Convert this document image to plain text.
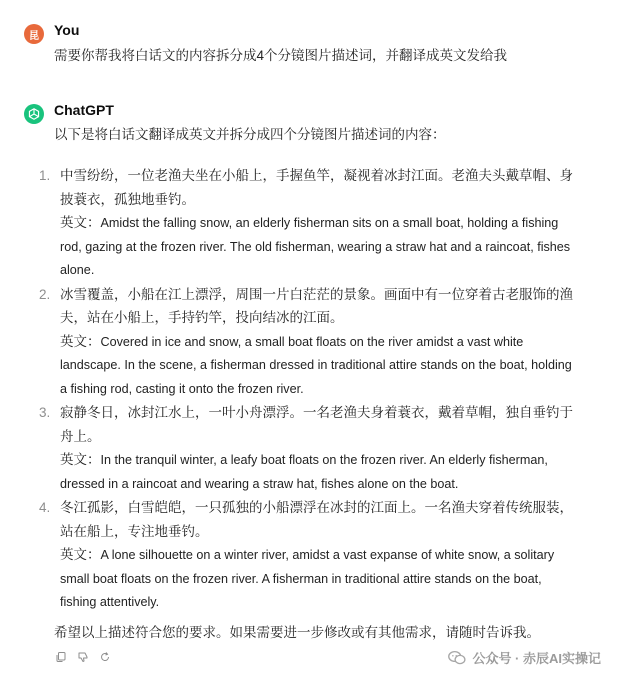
昆 You
需要你帮我将白话文的内容拆分成4个分镜图片描述词，并翻译成英文发给我
ChatGPT
以下是将白话文翻译成英文并拆分成四个分镜图片描述词的内容：
1. 中雪纷纷，一位老渔夫坐在小船上，手握鱼竿，凝视着冰封江面。老渔夫头戴草帽、身披蓑衣，孤独地垂钓。
英文：Amidst the falling snow, an elderly fisherman sits on a small boat, holding a fishing rod, gazing at the frozen river. The old fisherman, wearing a straw hat and a raincoat, fishes alone.
2. 冰雪覆盖，小船在江上漂浮，周围一片白茫茫的景象。画面中有一位穿着古老服饰的渔夫，站在小船上，手持钓竿，投向结冰的江面。
英文：Covered in ice and snow, a small boat floats on the river amidst a vast white landscape. In the scene, a fisherman dressed in traditional attire stands on the boat, holding a fishing rod, casting it onto the frozen river.
3. 寂静冬日，冰封江水上，一叶小舟漂浮。一名老渔夫身着蓑衣，戴着草帽，独自垂钓于舟上。
英文：In the tranquil winter, a leafy boat floats on the frozen river. An elderly fisherman, dressed in a raincoat and wearing a straw hat, fishes alone on the boat.
4. 冬江孤影，白雪皑皑，一只孤独的小船漂浮在冰封的江面上。一名渔夫穿着传统服装，站在船上，专注地垂钓。
英文：A lone silhouette on a winter river, amidst a vast expanse of white snow, a solitary small boat floats on the frozen river. A fisherman in traditional attire stands on the boat, fishing attentively.
希望以上描述符合您的要求。如果需要进一步修改或有其他需求，请随时告诉我。
公众号 · 赤辰AI实操记
